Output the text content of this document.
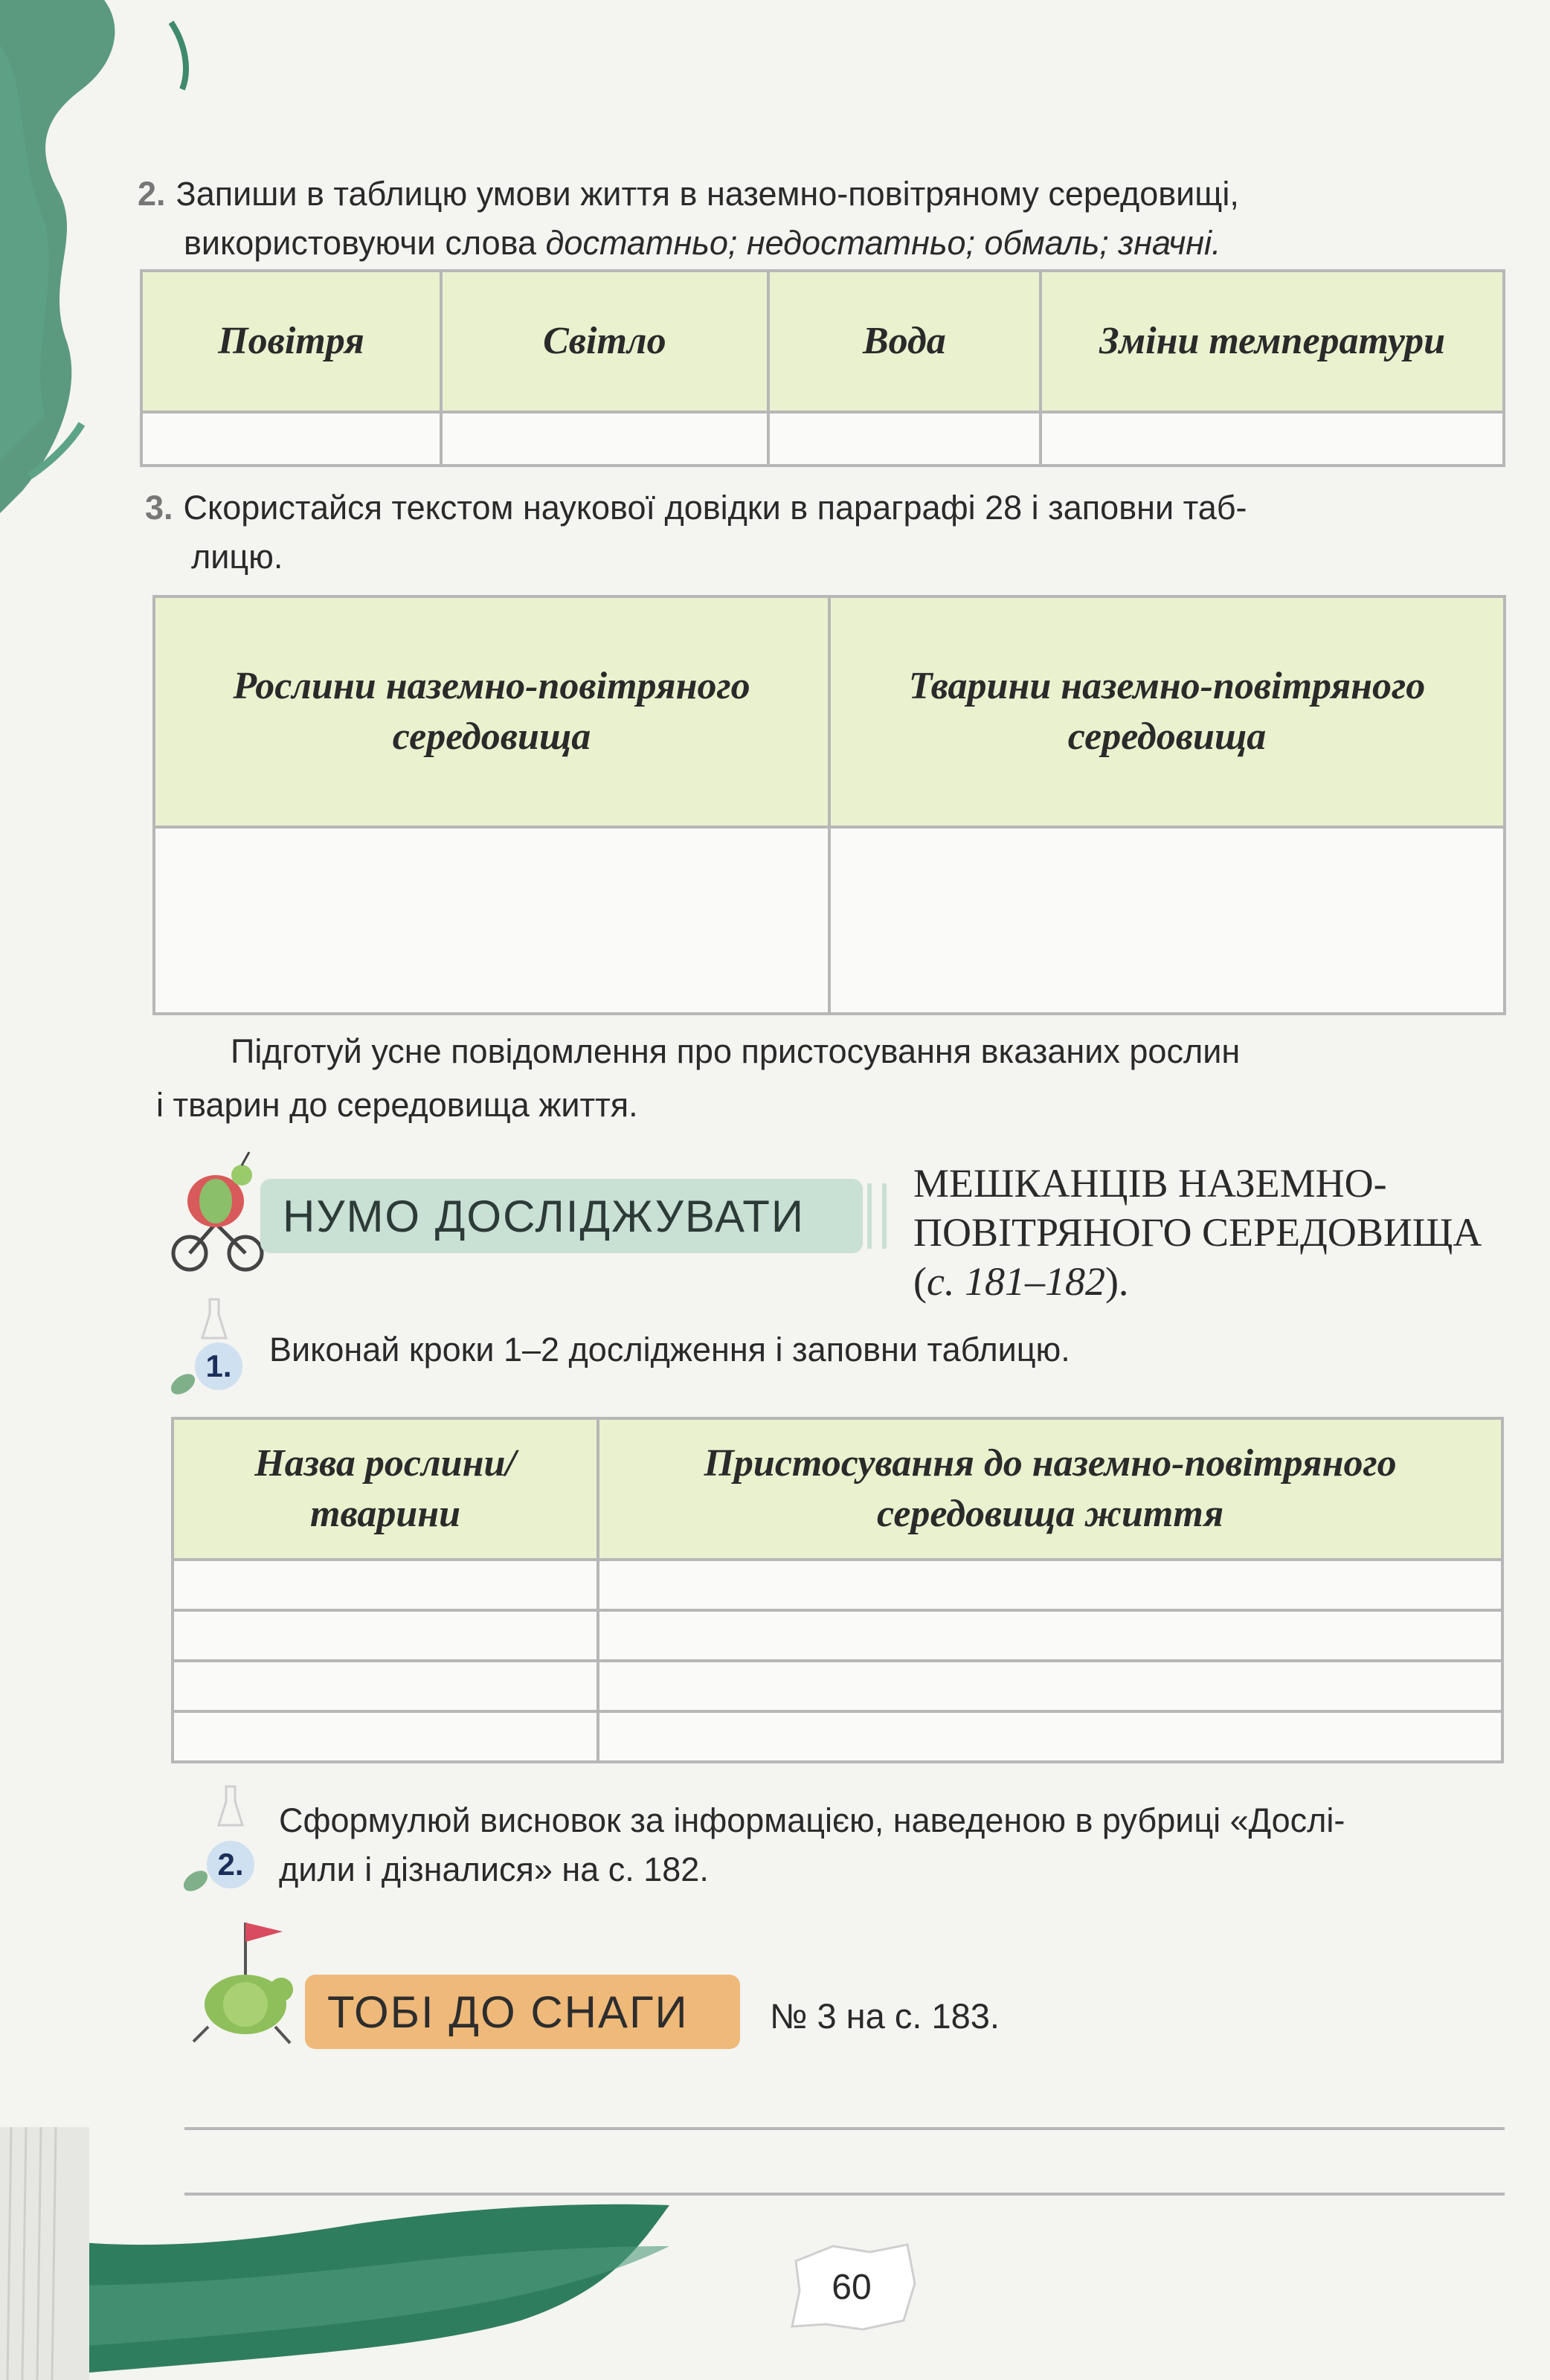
2. Запиши в таблицю умови життя в наземно-повітряному середовищі,
використовуючи слова достатньо; недостатньо; обмаль; значні.
Повітря	Світло	Вода	Зміни температури

3. Скористайся текстом наукової довідки в параграфі 28 і заповни таб-
лицю.
Рослини наземно-повітряного середовища	Тварини наземно-повітряного середовища

Підготуй усне повідомлення про пристосування вказаних рослин
і тварин до середовища життя.
НУМО ДОСЛІДЖУВАТИ
МЕШКАНЦІВ НАЗЕМНО-ПОВІТРЯНОГО СЕРЕДОВИЩА (с. 181–182).
1.	Виконай кроки 1–2 дослідження і заповни таблицю.
Назва рослини/тварини	Пристосування до наземно-повітряного середовища життя

2.
Сформулюй висновок за інформацією, наведеною в рубриці «Дослі-
дили і дізналися» на с. 182.
ТОБІ ДО СНАГИ № 3 на с. 183.
60
